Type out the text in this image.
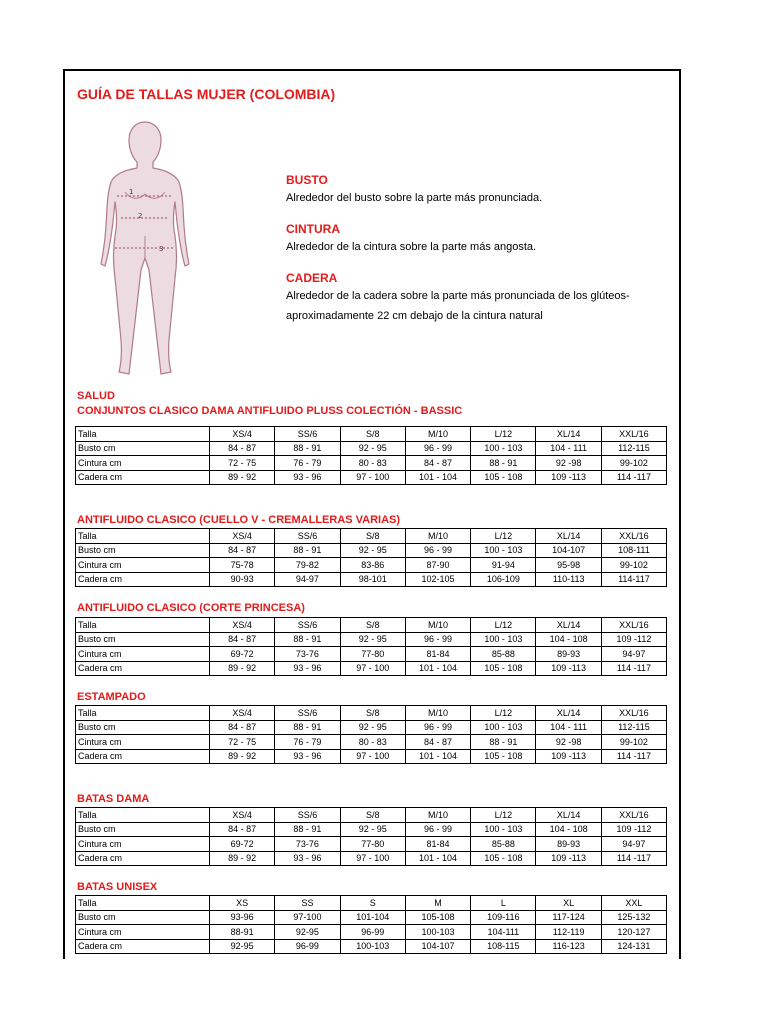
GUÍA DE TALLAS MUJER (COLOMBIA)
1
2
3
BUSTO
Alrededor del busto sobre la parte más pronunciada.
CINTURA
Alrededor de la cintura sobre la parte más angosta.
CADERA
Alrededor de la cadera sobre la parte más pronunciada de los glúteos-
aproximadamente 22 cm debajo de la cintura natural
SALUD
CONJUNTOS CLASICO DAMA ANTIFLUIDO PLUSS COLECTIÓN - BASSIC
Talla	XS/4	SS/6	S/8	M/10	L/12	XL/14	XXL/16
Busto cm	84 - 87	88 - 91	92 - 95	96 - 99	100 - 103	104 - 111	112-115
Cintura cm	72 - 75	76 - 79	80 - 83	84 - 87	88 - 91	92 -98	99-102
Cadera cm	89 - 92	93 - 96	97 - 100	101 - 104	105 - 108	109 -113	114 -117
ANTIFLUIDO CLASICO (CUELLO V - CREMALLERAS VARIAS)
Talla	XS/4	SS/6	S/8	M/10	L/12	XL/14	XXL/16
Busto cm	84 - 87	88 - 91	92 - 95	96 - 99	100 - 103	104-107	108-111
Cintura cm	75-78	79-82	83-86	87-90	91-94	95-98	99-102
Cadera cm	90-93	94-97	98-101	102-105	106-109	110-113	114-117
ANTIFLUIDO CLASICO (CORTE PRINCESA)
Talla	XS/4	SS/6	S/8	M/10	L/12	XL/14	XXL/16
Busto cm	84 - 87	88 - 91	92 - 95	96 - 99	100 - 103	104 - 108	109 -112
Cintura cm	69-72	73-76	77-80	81-84	85-88	89-93	94-97
Cadera cm	89 - 92	93 - 96	97 - 100	101 - 104	105 - 108	109 -113	114 -117
ESTAMPADO
Talla	XS/4	SS/6	S/8	M/10	L/12	XL/14	XXL/16
Busto cm	84 - 87	88 - 91	92 - 95	96 - 99	100 - 103	104 - 111	112-115
Cintura cm	72 - 75	76 - 79	80 - 83	84 - 87	88 - 91	92 -98	99-102
Cadera cm	89 - 92	93 - 96	97 - 100	101 - 104	105 - 108	109 -113	114 -117
BATAS DAMA
Talla	XS/4	SS/6	S/8	M/10	L/12	XL/14	XXL/16
Busto cm	84 - 87	88 - 91	92 - 95	96 - 99	100 - 103	104 - 108	109 -112
Cintura cm	69-72	73-76	77-80	81-84	85-88	89-93	94-97
Cadera cm	89 - 92	93 - 96	97 - 100	101 - 104	105 - 108	109 -113	114 -117
BATAS UNISEX
Talla	XS	SS	S	M	L	XL	XXL
Busto cm	93-96	97-100	101-104	105-108	109-116	117-124	125-132
Cintura cm	88-91	92-95	96-99	100-103	104-111	112-119	120-127
Cadera cm	92-95	96-99	100-103	104-107	108-115	116-123	124-131
